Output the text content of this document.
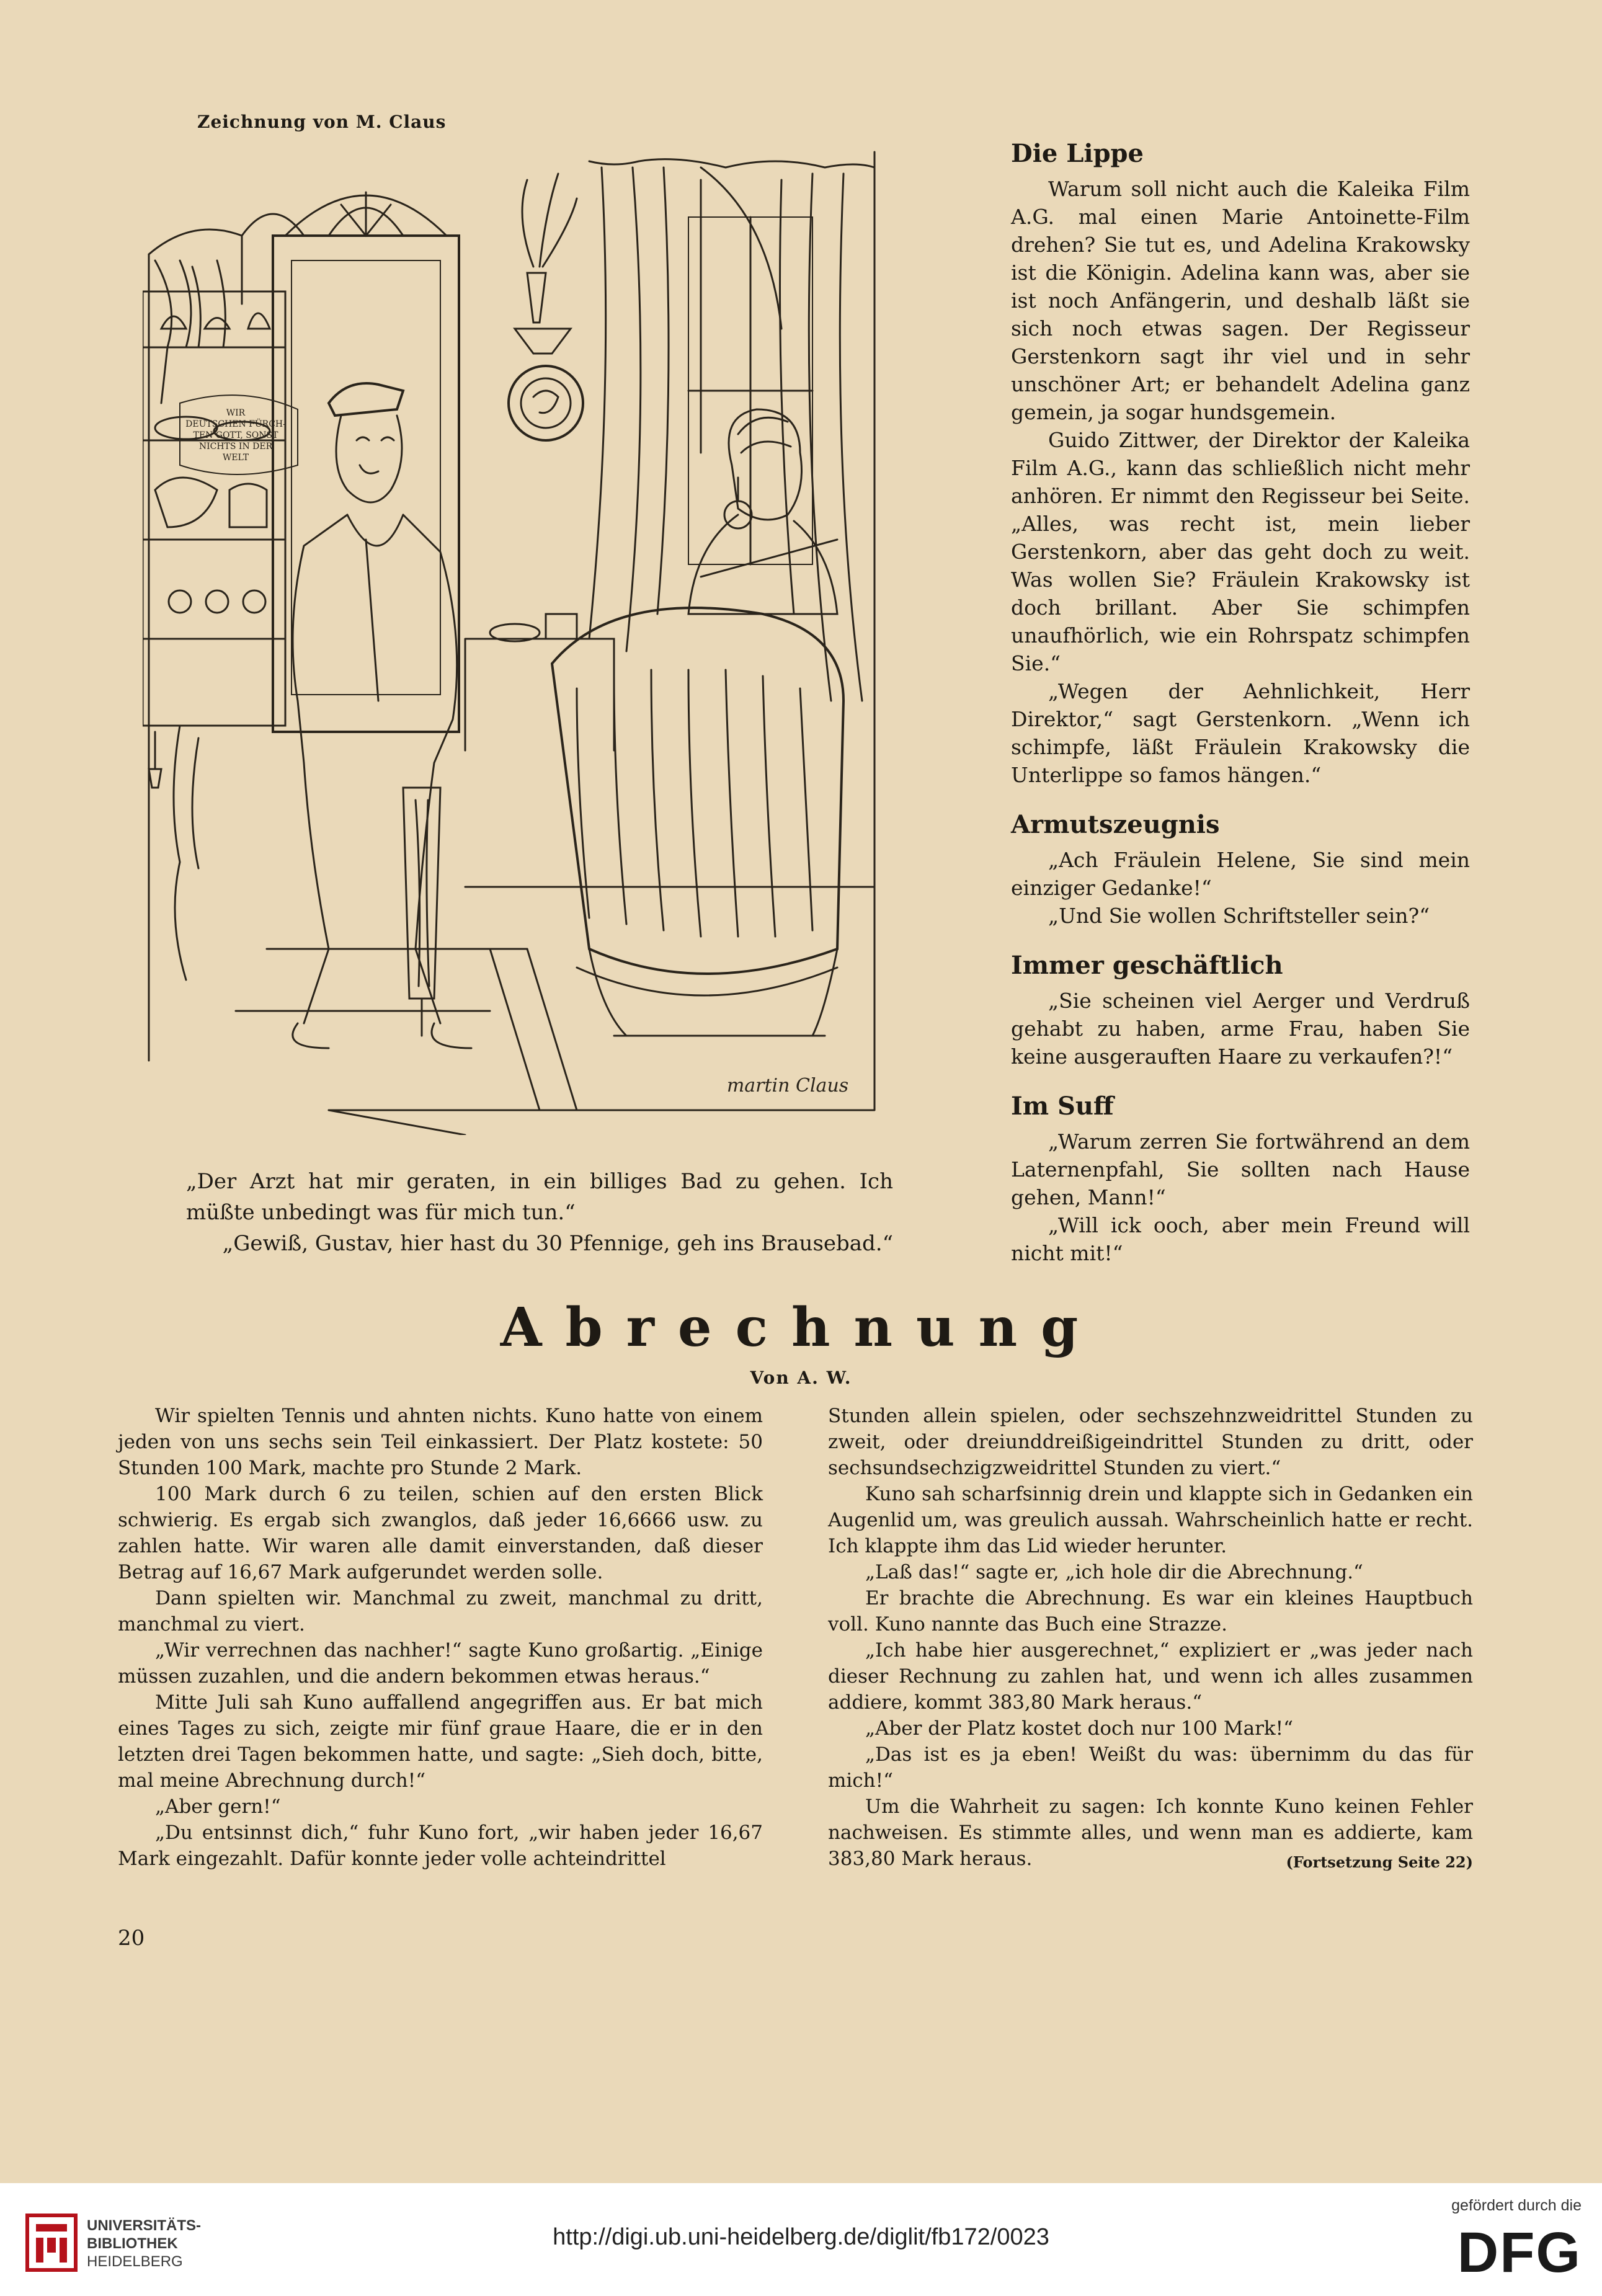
Zeichnung von M. Claus
WIR
DEUTSCHEN FÜRCH-
TEN GOTT, SONST
NICHTS IN DER
WELT
martin Claus

„Der Arzt hat mir geraten, in ein billiges Bad zu gehen. Ich müßte unbedingt was für mich tun.“

„Gewiß, Gustav, hier hast du 30 Pfennige, geh ins Brausebad.“

Die Lippe

Warum soll nicht auch die Kaleika Film A.G. mal einen Marie Antoinette-Film drehen? Sie tut es, und Adelina Krakowsky ist die Königin. Adelina kann was, aber sie ist noch Anfängerin, und deshalb läßt sie sich noch etwas sagen. Der Regisseur Gerstenkorn sagt ihr viel und in sehr unschöner Art; er behandelt Adelina ganz gemein, ja sogar hundsgemein.

Guido Zittwer, der Direktor der Kaleika Film A.G., kann das schließlich nicht mehr anhören. Er nimmt den Regisseur bei Seite. „Alles, was recht ist, mein lieber Gerstenkorn, aber das geht doch zu weit. Was wollen Sie? Fräulein Krakowsky ist doch brillant. Aber Sie schimpfen unaufhörlich, wie ein Rohrspatz schimpfen Sie.“

„Wegen der Aehnlichkeit, Herr Direktor,“ sagt Gerstenkorn. „Wenn ich schimpfe, läßt Fräulein Krakowsky die Unterlippe so famos hängen.“

Armutszeugnis

„Ach Fräulein Helene, Sie sind mein einziger Gedanke!“

„Und Sie wollen Schriftsteller sein?“

Immer geschäftlich

„Sie scheinen viel Aerger und Verdruß gehabt zu haben, arme Frau, haben Sie keine ausgerauften Haare zu verkaufen?!“

Im Suff

„Warum zerren Sie fortwährend an dem Laternenpfahl, Sie sollten nach Hause gehen, Mann!“

„Will ick ooch, aber mein Freund will nicht mit!“

Abrechnung
Von A. W.

Wir spielten Tennis und ahnten nichts. Kuno hatte von einem jeden von uns sechs sein Teil einkassiert. Der Platz kostete: 50 Stunden 100 Mark, machte pro Stunde 2 Mark.

100 Mark durch 6 zu teilen, schien auf den ersten Blick schwierig. Es ergab sich zwanglos, daß jeder 16,6666 usw. zu zahlen hatte. Wir waren alle damit einverstanden, daß dieser Betrag auf 16,67 Mark aufgerundet werden solle.

Dann spielten wir. Manchmal zu zweit, manchmal zu dritt, manchmal zu viert.

„Wir verrechnen das nachher!“ sagte Kuno großartig. „Einige müssen zuzahlen, und die andern bekommen etwas heraus.“

Mitte Juli sah Kuno auffallend angegriffen aus. Er bat mich eines Tages zu sich, zeigte mir fünf graue Haare, die er in den letzten drei Tagen bekommen hatte, und sagte: „Sieh doch, bitte, mal meine Abrechnung durch!“

„Aber gern!“

„Du entsinnst dich,“ fuhr Kuno fort, „wir haben jeder 16,67 Mark eingezahlt. Dafür konnte jeder volle achteindrittel

Stunden allein spielen, oder sechszehnzweidrittel Stunden zu zweit, oder dreiunddreißigeindrittel Stunden zu dritt, oder sechsundsechzigzweidrittel Stunden zu viert.“

Kuno sah scharfsinnig drein und klappte sich in Gedanken ein Augenlid um, was greulich aussah. Wahrscheinlich hatte er recht. Ich klappte ihm das Lid wieder herunter.

„Laß das!“ sagte er, „ich hole dir die Abrechnung.“

Er brachte die Abrechnung. Es war ein kleines Hauptbuch voll. Kuno nannte das Buch eine Strazze.

„Ich habe hier ausgerechnet,“ expliziert er „was jeder nach dieser Rechnung zu zahlen hat, und wenn ich alles zusammen addiere, kommt 383,80 Mark heraus.“

„Aber der Platz kostet doch nur 100 Mark!“

„Das ist es ja eben! Weißt du was: übernimm du das für mich!“

Um die Wahrheit zu sagen: Ich konnte Kuno keinen Fehler nachweisen. Es stimmte alles, und wenn man es addierte, kam 383,80 Mark heraus.	(Fortsetzung Seite 22)
20
UNIVERSITÄTS-
BIBLIOTHEK
HEIDELBERG
http://digi.ub.uni-heidelberg.de/diglit/fb172/0023
gefördert durch die
DFG
